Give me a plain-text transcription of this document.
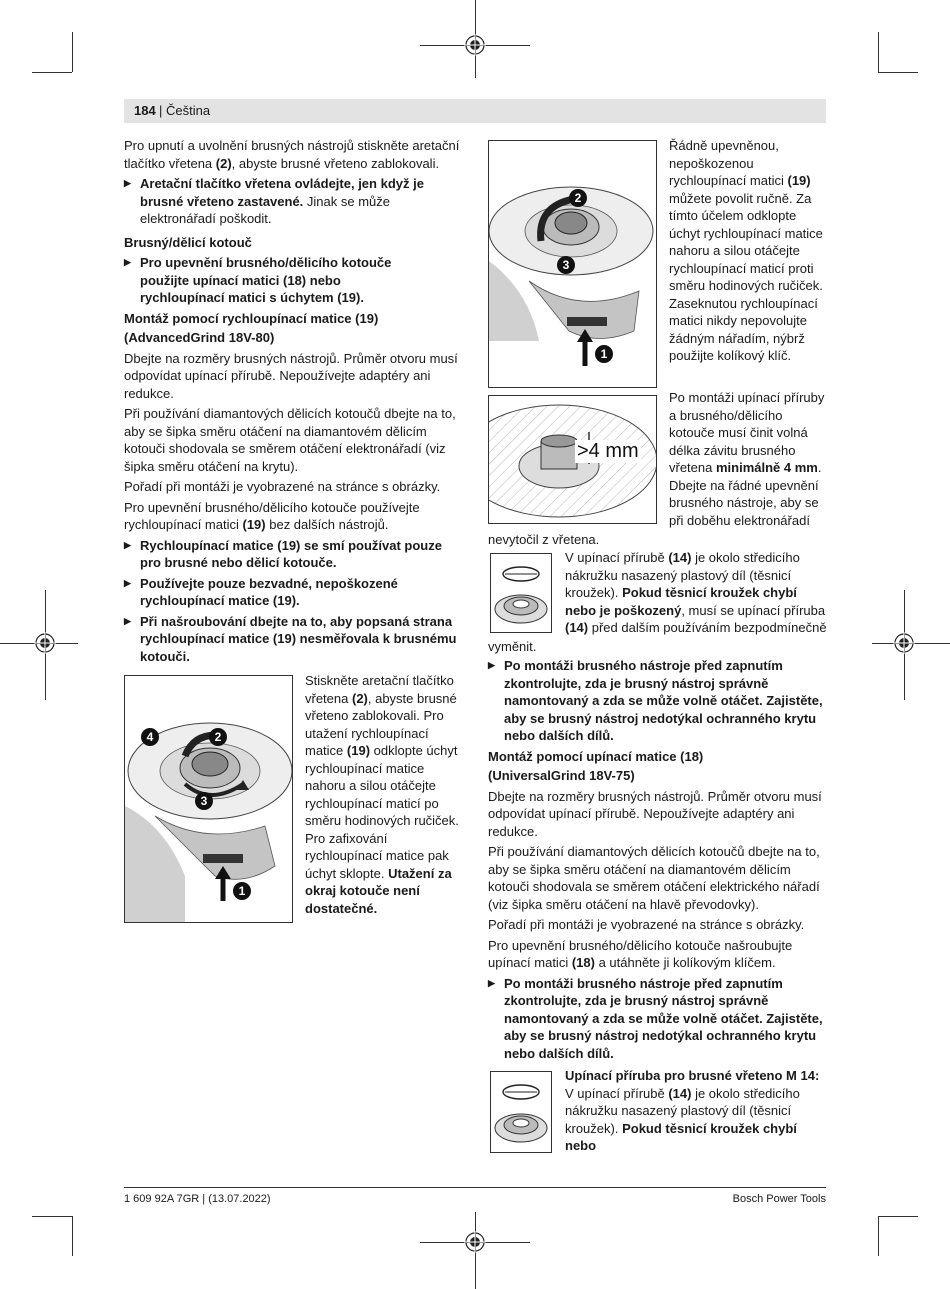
184 | Čeština

Pro upnutí a uvolnění brusných nástrojů stiskněte aretační tlačítko vřetena (2), abyste brusné vřeteno zablokovali.

▶ Aretační tlačítko vřetena ovládejte, jen když je brusné vřeteno zastavené. Jinak se může elektronářadí poškodit.

Brusný/dělicí kotouč

▶ Pro upevnění brusného/dělicího kotouče použijte upínací matici (18) nebo rychloupínací matici s úchytem (19).

Montáž pomocí rychloupínací matice (19)

(AdvancedGrind 18V-80)

Dbejte na rozměry brusných nástrojů. Průměr otvoru musí odpovídat upínací přírubě. Nepoužívejte adaptéry ani redukce.

Při používání diamantových dělicích kotoučů dbejte na to, aby se šipka směru otáčení na diamantovém dělicím kotouči shodovala se směrem otáčení elektronářadí (viz šipka směru otáčení na krytu).

Pořadí při montáži je vyobrazené na stránce s obrázky.

Pro upevnění brusného/dělicího kotouče používejte rychloupínací matici (19) bez dalších nástrojů.

▶ Rychloupínací matice (19) se smí používat pouze pro brusné nebo dělicí kotouče.

▶ Používejte pouze bezvadné, nepoškozené rychloupínací matice (19).

▶ Při našroubování dbejte na to, aby popsaná strana rychloupínací matice (19) nesměřovala k brusnému kotouči.

4	2
3
1

Stiskněte aretační tlačítko vřetena (2), abyste brusné vřeteno zablokovali. Pro utažení rychloupínací matice (19) odklopte úchyt rychloupínací matice nahoru a silou otáčejte rychloupínací maticí po směru hodinových ručiček. Pro zafixování rychloupínací matice pak úchyt sklopte. Utažení za okraj kotouče není dostatečné.

2
3
1

Řádně upevněnou, nepoškozenou rychloupínací matici (19) můžete povolit ručně. Za tímto účelem odklopte úchyt rychloupínací matice nahoru a silou otáčejte rychloupínací maticí proti směru hodinových ručiček. Zaseknutou rychloupínací matici nikdy nepovolujte žádným nářadím, nýbrž použijte kolíkový klíč.

>4 mm

Po montáži upínací příruby a brusného/dělicího kotouče musí činit volná délka závitu brusného vřetena minimálně 4 mm. Dbejte na řádné upevnění brusného nástroje, aby se při doběhu elektronářadí

nevytočil z vřetena.

V upínací přírubě (14) je okolo středicího nákružku nasazený plastový díl (těsnicí kroužek). Pokud těsnicí kroužek chybí nebo je poškozený, musí se upínací příruba (14) před dalším používáním bezpodmínečně

vyměnit.

▶ Po montáži brusného nástroje před zapnutím zkontrolujte, zda je brusný nástroj správně namontovaný a zda se může volně otáčet. Zajistěte, aby se brusný nástroj nedotýkal ochranného krytu nebo dalších dílů.

Montáž pomocí upínací matice (18)

(UniversalGrind 18V-75)

Dbejte na rozměry brusných nástrojů. Průměr otvoru musí odpovídat upínací přírubě. Nepoužívejte adaptéry ani redukce.

Při používání diamantových dělicích kotoučů dbejte na to, aby se šipka směru otáčení na diamantovém dělicím kotouči shodovala se směrem otáčení elektrického nářadí (viz šipka směru otáčení na hlavě převodovky).

Pořadí při montáži je vyobrazené na stránce s obrázky.

Pro upevnění brusného/dělicího kotouče našroubujte upínací matici (18) a utáhněte ji kolíkovým klíčem.

▶ Po montáži brusného nástroje před zapnutím zkontrolujte, zda je brusný nástroj správně namontovaný a zda se může volně otáčet. Zajistěte, aby se brusný nástroj nedotýkal ochranného krytu nebo dalších dílů.

Upínací příruba pro brusné vřeteno M 14:
V upínací přírubě (14) je okolo středicího nákružku nasazený plastový díl (těsnicí kroužek). Pokud těsnicí kroužek chybí nebo

1 609 92A 7GR | (13.07.2022)	Bosch Power Tools
